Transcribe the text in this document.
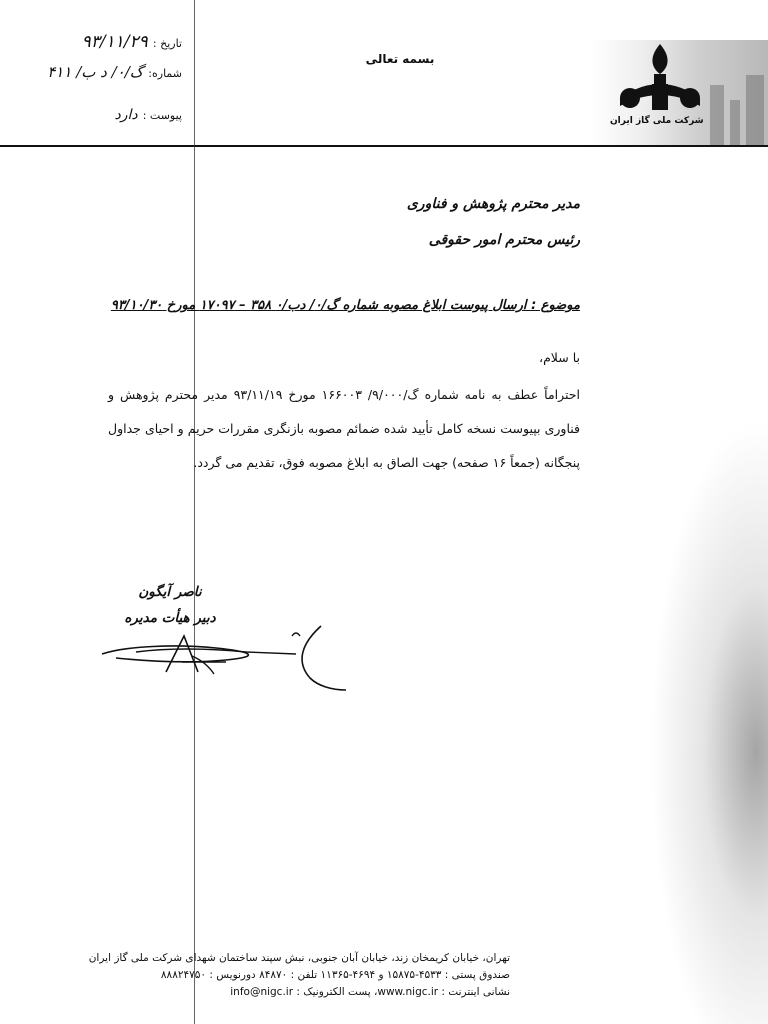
تاریخ : ۹۳/۱۱/۲۹
شماره: گ/۰/ د ب/ ۴۱۱
پیوست : دارد
بسمه تعالی
شرکت ملی گاز ایران
مدیر محترم پژوهش و فناوری
رئیس محترم امور حقوقی
موضوع : ارسال پیوست ابلاغ مصوبه شماره گ/۰/ دب/۰ ۳۵۸ – ۱۷۰۹۷ مورخ ۹۳/۱۰/۳۰
با سلام،
احتراماً عطف به نامه شماره گ/۹/۰۰۰/ ۱۶۶۰۰۳ مورخ ۹۳/۱۱/۱۹ مدیر محترم پژوهش و فناوری بپیوست نسخه کامل تأیید شده ضمائم مصوبه بازنگری مقررات حریم و احیای جداول پنجگانه (جمعاً ۱۶ صفحه) جهت الصاق به ابلاغ مصوبه فوق، تقدیم می گردد.
ناصر آیگون
دبیر هیأت مدیره
تهران، خیابان کریمخان زند، خیابان آبان جنوبی، نبش سپند ساختمان شهدای شرکت ملی گاز ایران
صندوق پستی : ۴۵۳۳-۱۵۸۷۵ و ۴۶۹۴-۱۱۳۶۵ تلفن : ۸۴۸۷۰ دورنویس : ۸۸۸۲۴۷۵۰
نشانی اینترنت : www.nigc.ir، پست الکترونیک : info@nigc.ir
